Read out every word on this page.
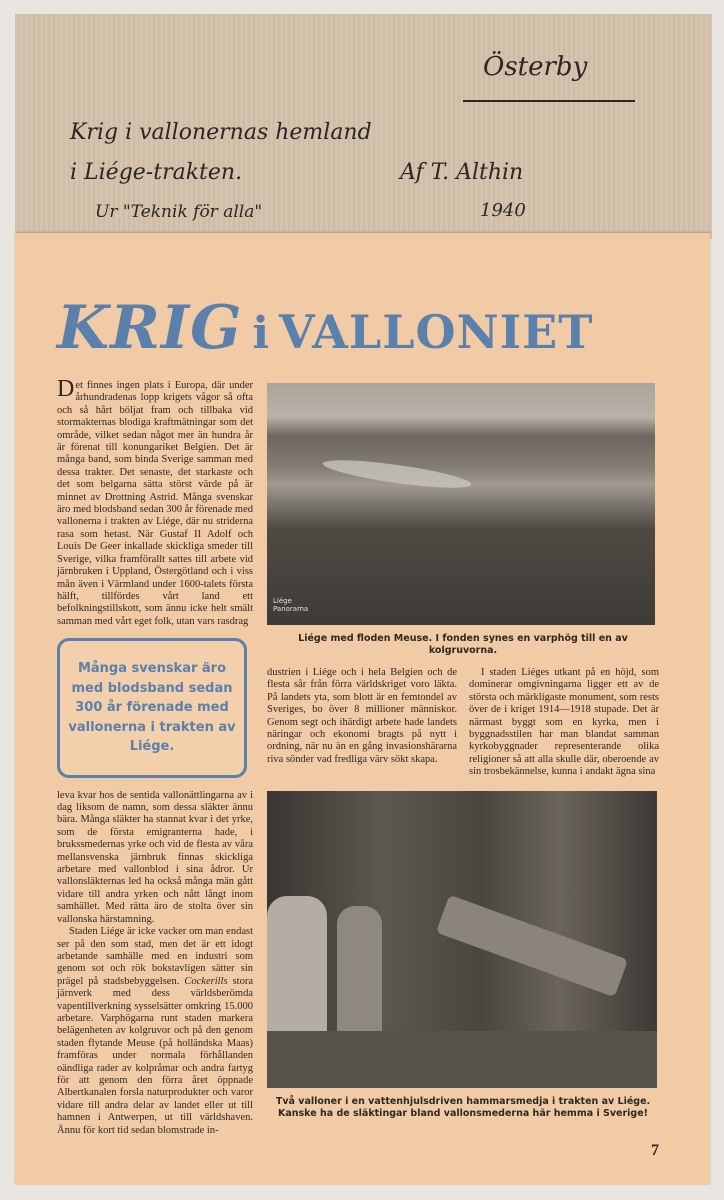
Österby
Krig i vallonernas hemland
i Liége-trakten.	Af T. Althin
Ur "Teknik för alla"	1940
KRIG i VALLONIET

Det finnes ingen plats i Europa, där under århundradenas lopp krigets vågor så ofta och så hårt böljat fram och tillbaka vid stormakternas blodiga kraftmätningar som det område, vilket sedan något mer än hundra år är förenat till konungariket Belgien. Det är många band, som binda Sverige samman med dessa trakter. Det senaste, det starkaste och det som belgarna sätta störst värde på är minnet av Drottning Astrid. Många svenskar äro med blodsband sedan 300 år förenade med vallonerna i trakten av Liége, där nu striderna rasa som hetast. När Gustaf II Adolf och Louis De Geer inkallade skickliga smeder till Sverige, vilka framförallt sattes till arbete vid järnbruken i Uppland, Östergötland och i viss mån även i Värmland under 1600-talets första hälft, tillfördes vårt land ett befolkningstillskott, som ännu icke helt smält samman med vårt eget folk, utan vars rasdrag

Många svenskar äro med blodsband sedan 300 år förenade med vallonerna i trakten av Liége.

leva kvar hos de sentida vallonättlingarna av i dag liksom de namn, som dessa släkter ännu bära. Många släkter ha stannat kvar i det yrke, som de första emigranterna hade, i brukssmedernas yrke och vid de flesta av våra mellansvenska järnbruk finnas skickliga arbetare med vallonblod i sina ådror. Ur vallonsläkternas led ha också många män gått vidare till andra yrken och nått långt inom samhället. Med rätta äro de stolta över sin vallonska härstamning.

Staden Liége är icke vacker om man endast ser på den som stad, men det är ett idogt arbetande samhälle med en industri som genom sot och rök bokstavligen sätter sin prägel på stadsbebyggelsen. Cockerills stora järnverk med dess världsberömda vapentillverkning sysselsätter omkring 15.000 arbetare. Varphögarna runt staden markera belägenheten av kolgruvor och på den genom staden flytande Meuse (på holländska Maas) framföras under normala förhållanden oändliga rader av kolpråmar och andra fartyg för att genom den förra året öppnade Albertkanalen forsla naturprodukter och varor vidare till andra delar av landet eller ut till hamnen i Antwerpen, ut till världshaven. Ännu för kort tid sedan blomstrade in-

Liége Panorama
Liége med floden Meuse. I fonden synes en varphög till en av kolgruvorna.

dustrien i Liége och i hela Belgien och de flesta sår från förra världskriget voro läkta. På landets yta, som blott är en femtondel av Sveriges, bo över 8 millioner människor. Genom segt och ihärdigt arbete hade landets näringar och ekonomi bragts på nytt i ordning, när nu än en gång invasionshärarna riva sönder vad fredliga värv sökt skapa.

I staden Liéges utkant på en höjd, som dominerar omgivningarna ligger ett av de största och märkligaste monument, som rests över de i kriget 1914—1918 stupade. Det är närmast byggt som en kyrka, men i byggnadsstilen har man blandat samman kyrkobyggnader representerande olika religioner så att alla skulle där, oberoende av sin trosbekännelse, kunna i andakt ägna sina

Två valloner i en vattenhjulsdriven hammarsmedja i trakten av Liége. Kanske ha de släktingar bland vallonsmederna här hemma i Sverige!
7
